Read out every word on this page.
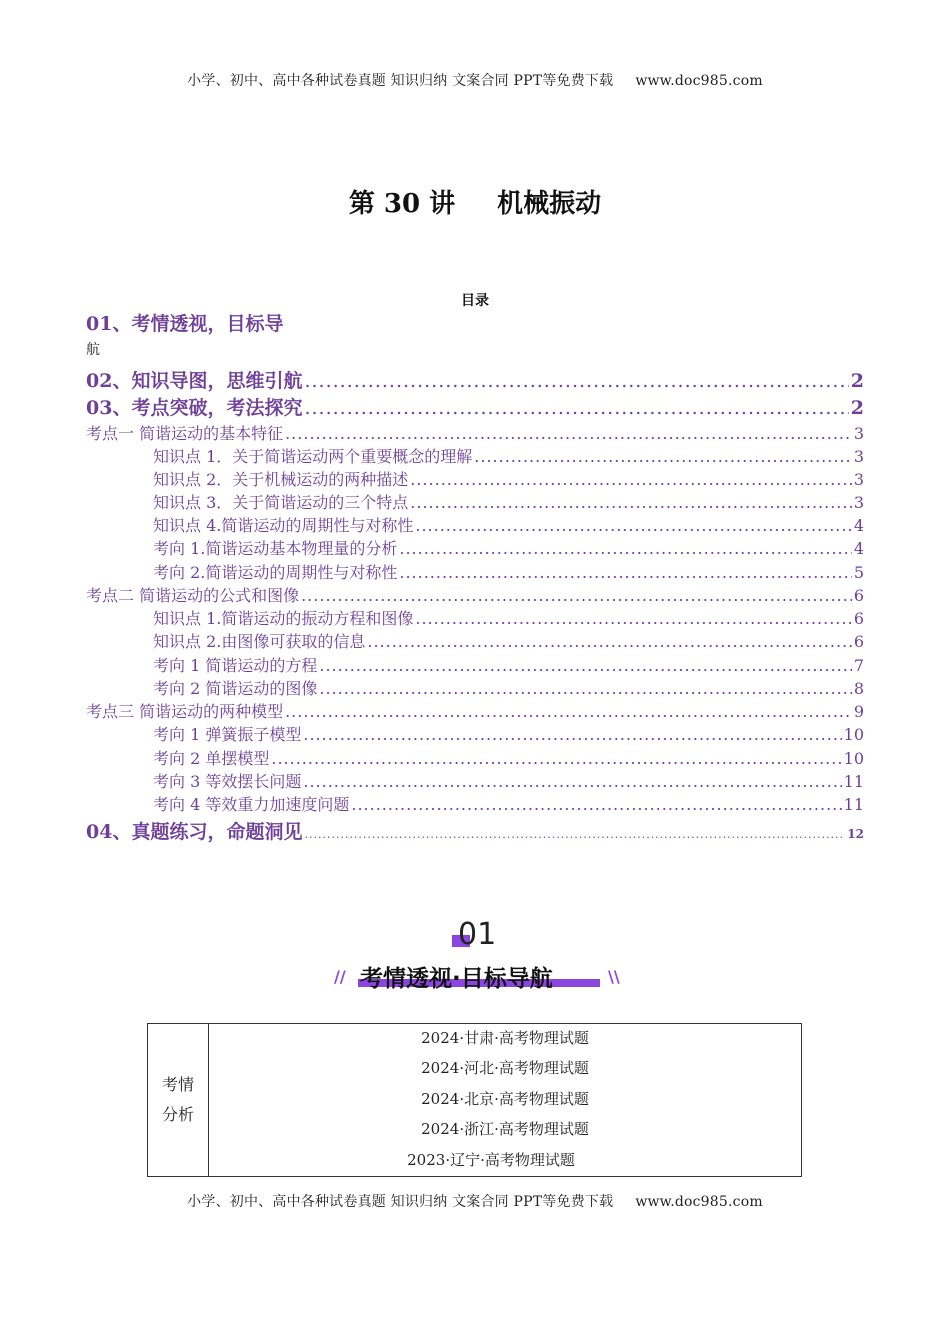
小学、初中、高中各种试卷真题 知识归纳 文案合同 PPT等免费下载 www.doc985.com
第 30 讲 机械振动
目录
01、考情透视，目标导
02、知识导图，思维引航 .....	2
03、考点突破，考法探究 .....	2
考点一 简谐运动的基本特征 .....	3
知识点 1．关于简谐运动两个重要概念的理解 .....	3
知识点 2．关于机械运动的两种描述 .....	3
知识点 3．关于简谐运动的三个特点 .....	3
知识点 4.简谐运动的周期性与对称性 .....	4
考向 1.简谐运动基本物理量的分析 .....	4
考向 2.简谐运动的周期性与对称性 .....	5
考点二 简谐运动的公式和图像 .....	6
知识点 1.简谐运动的振动方程和图像 .....	6
知识点 2.由图像可获取的信息 .....	6
考向 1 简谐运动的方程 .....	7
考向 2 简谐运动的图像 .....	8
考点三 简谐运动的两种模型 .....	9
考向 1 弹簧振子模型 .....	10
考向 2 单摆模型 .....	10
考向 3 等效摆长问题 .....	11
考向 4 等效重力加速度问题 .....	11
04、真题练习，命题洞见 .....	12
航
01
考情透视·目标导航
//	\\
考情
分析
2024·甘肃·高考物理试题
2024·河北·高考物理试题
2024·北京·高考物理试题
2024·浙江·高考物理试题
2023·辽宁·高考物理试题
小学、初中、高中各种试卷真题 知识归纳 文案合同 PPT等免费下载 www.doc985.com
